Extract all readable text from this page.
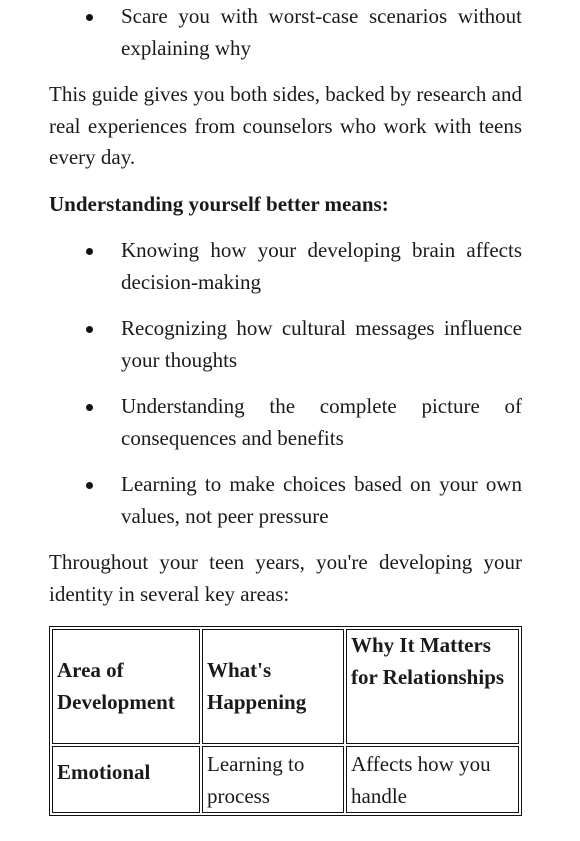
Scare you with worst-case scenarios without explaining why

This guide gives you both sides, backed by research and real experiences from counselors who work with teens every day.

Understanding yourself better means:

Knowing how your developing brain affects decision-making
Recognizing how cultural messages influence your thoughts
Understanding the complete picture of consequences and benefits
Learning to make choices based on your own values, not peer pressure

Throughout your teen years, you're developing your identity in several key areas:

Area of Development	What's Happening	Why It Matters for Relationships
Emotional	Learning to process	Affects how you handle
